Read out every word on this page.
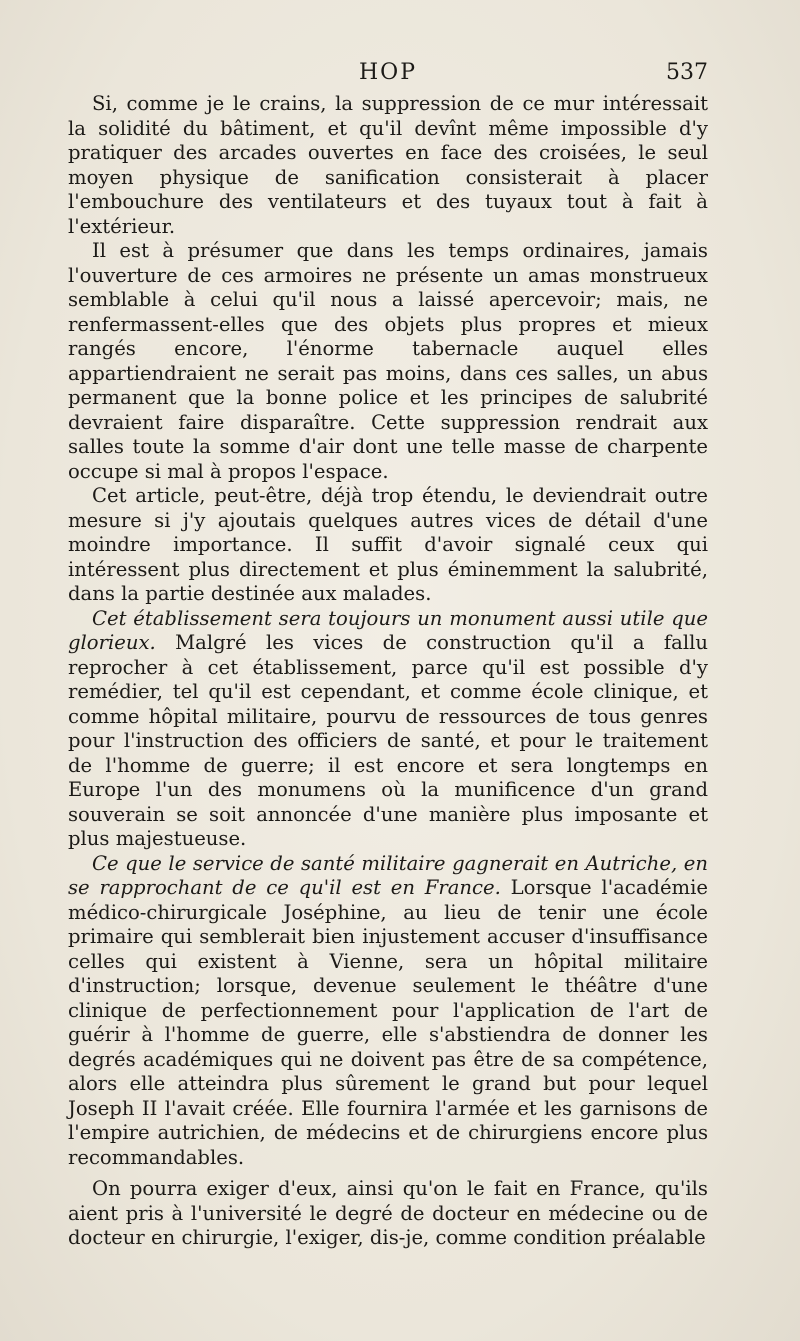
HOP	537

Si, comme je le crains, la suppression de ce mur intéressait la solidité du bâtiment, et qu'il devînt même impossible d'y pratiquer des arcades ouvertes en face des croisées, le seul moyen physique de sanification consisterait à placer l'embouchure des ventilateurs et des tuyaux tout à fait à l'extérieur.

Il est à présumer que dans les temps ordinaires, jamais l'ouverture de ces armoires ne présente un amas monstrueux semblable à celui qu'il nous a laissé apercevoir; mais, ne renfermassent-elles que des objets plus propres et mieux rangés encore, l'énorme tabernacle auquel elles appartiendraient ne serait pas moins, dans ces salles, un abus permanent que la bonne police et les principes de salubrité devraient faire disparaître. Cette suppression rendrait aux salles toute la somme d'air dont une telle masse de charpente occupe si mal à propos l'espace.

Cet article, peut-être, déjà trop étendu, le deviendrait outre mesure si j'y ajoutais quelques autres vices de détail d'une moindre importance. Il suffit d'avoir signalé ceux qui intéressent plus directement et plus éminemment la salubrité, dans la partie destinée aux malades.

Cet établissement sera toujours un monument aussi utile que glorieux. Malgré les vices de construction qu'il a fallu reprocher à cet établissement, parce qu'il est possible d'y remédier, tel qu'il est cependant, et comme école clinique, et comme hôpital militaire, pourvu de ressources de tous genres pour l'instruction des officiers de santé, et pour le traitement de l'homme de guerre; il est encore et sera longtemps en Europe l'un des monumens où la munificence d'un grand souverain se soit annoncée d'une manière plus imposante et plus majestueuse.

Ce que le service de santé militaire gagnerait en Autriche, en se rapprochant de ce qu'il est en France. Lorsque l'académie médico-chirurgicale Joséphine, au lieu de tenir une école primaire qui semblerait bien injustement accuser d'insuffisance celles qui existent à Vienne, sera un hôpital militaire d'instruction; lorsque, devenue seulement le théâtre d'une clinique de perfectionnement pour l'application de l'art de guérir à l'homme de guerre, elle s'abstiendra de donner les degrés académiques qui ne doivent pas être de sa compétence, alors elle atteindra plus sûrement le grand but pour lequel Joseph II l'avait créée. Elle fournira l'armée et les garnisons de l'empire autrichien, de médecins et de chirurgiens encore plus recommandables.

On pourra exiger d'eux, ainsi qu'on le fait en France, qu'ils aient pris à l'université le degré de docteur en médecine ou de docteur en chirurgie, l'exiger, dis-je, comme condition préalable
